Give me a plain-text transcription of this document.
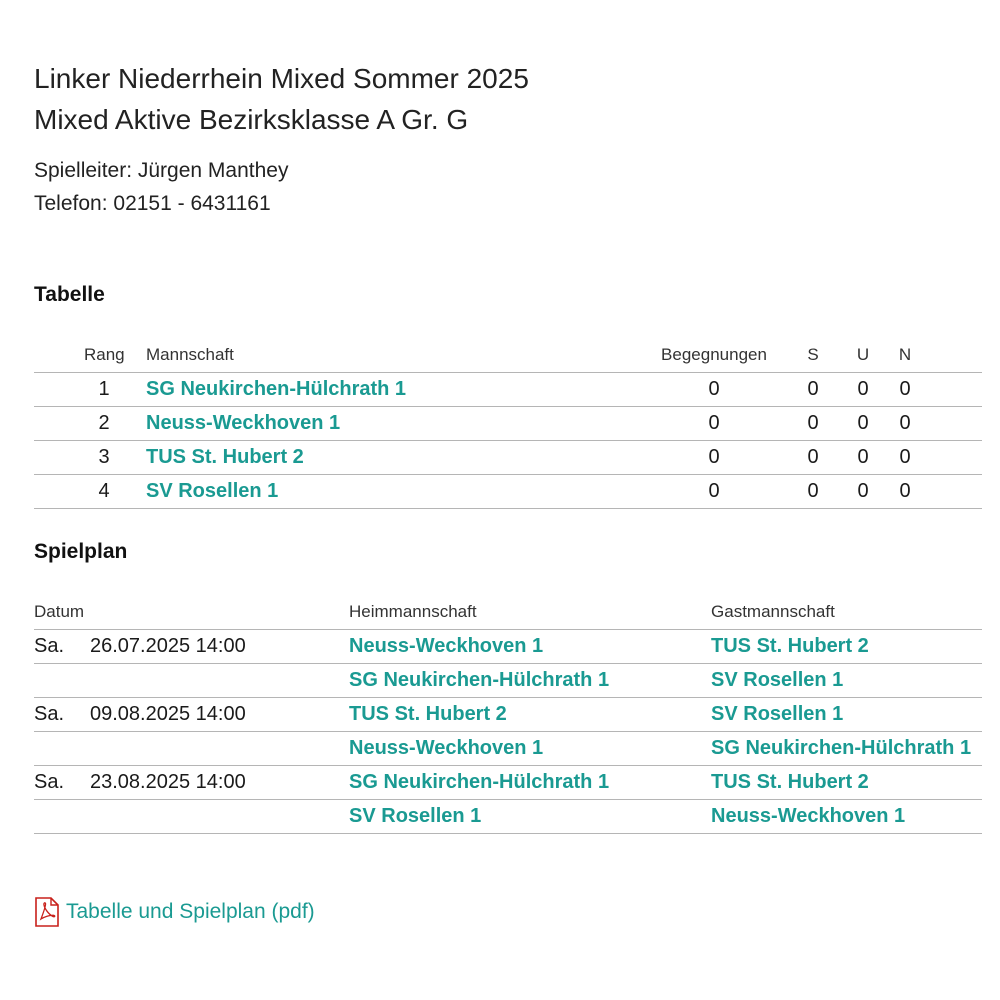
Linker Niederrhein Mixed Sommer 2025
Mixed Aktive Bezirksklasse A Gr. G
Spielleiter: Jürgen Manthey
Telefon: 02151 - 6431161
Tabelle
	Rang	Mannschaft	Begegnungen	S	U	N	
	1	SG Neukirchen-Hülchrath 1	0	0	0	0	
	2	Neuss-Weckhoven 1	0	0	0	0	
	3	TUS St. Hubert 2	0	0	0	0	
	4	SV Rosellen 1	0	0	0	0	
Spielplan
Datum		Heimmannschaft	Gastmannschaft
Sa.	26.07.2025 14:00	Neuss-Weckhoven 1	TUS St. Hubert 2
		SG Neukirchen-Hülchrath 1	SV Rosellen 1
Sa.	09.08.2025 14:00	TUS St. Hubert 2	SV Rosellen 1
		Neuss-Weckhoven 1	SG Neukirchen-Hülchrath 1
Sa.	23.08.2025 14:00	SG Neukirchen-Hülchrath 1	TUS St. Hubert 2
		SV Rosellen 1	Neuss-Weckhoven 1
Tabelle und Spielplan (pdf)
